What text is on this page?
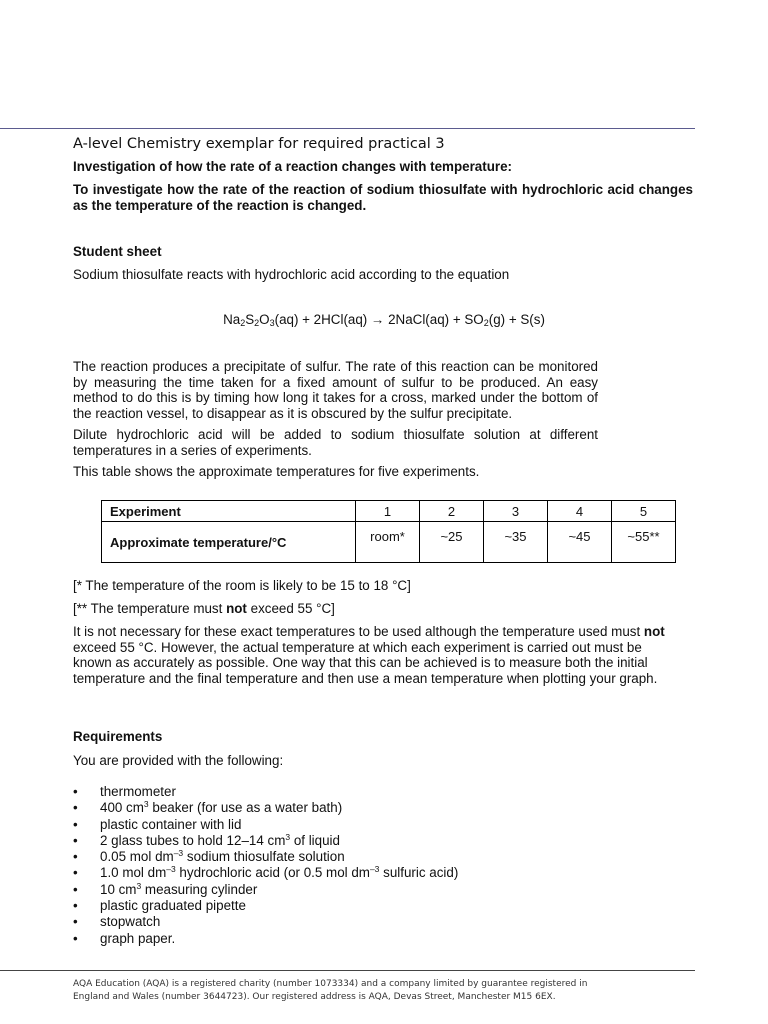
A-level Chemistry exemplar for required practical 3
Investigation of how the rate of a reaction changes with temperature:
To investigate how the rate of the reaction of sodium thiosulfate with hydrochloric acid changes as the temperature of the reaction is changed.
Student sheet
Sodium thiosulfate reacts with hydrochloric acid according to the equation
$Na_2S_2O_3(aq) + 2HCl(aq)$ → 2NaCl(aq) + $SO_2(g) + S(s)$
The reaction produces a precipitate of sulfur. The rate of this reaction can be monitored by measuring the time taken for a fixed amount of sulfur to be produced. An easy method to do this is by timing how long it takes for a cross, marked under the bottom of the reaction vessel, to disappear as it is obscured by the sulfur precipitate.
Dilute hydrochloric acid will be added to sodium thiosulfate solution at different temperatures in a series of experiments.
This table shows the approximate temperatures for five experiments.
Experiment	1	2	3	4	5
Approximate temperature/°C	room*	~25	~35	~45	~55**
[* The temperature of the room is likely to be 15 to 18 °C]
[** The temperature must not exceed 55 °C]
It is not necessary for these exact temperatures to be used although the temperature used must not exceed 55 °C. However, the actual temperature at which each experiment is carried out must be known as accurately as possible. One way that this can be achieved is to measure both the initial temperature and the final temperature and then use a mean temperature when plotting your graph.
Requirements
You are provided with the following:
• thermometer
• 400 $cm^3$ beaker (for use as a water bath)
• plastic container with lid
• 2 glass tubes to hold 12–14 $cm^3$ of liquid
• 0.05 mol $dm^{-3}$ sodium thiosulfate solution
• 1.0 mol $dm^{-3}$ hydrochloric acid (or 0.5 mol $dm^{-3}$ sulfuric acid)
• 10 $cm^3$ measuring cylinder
• plastic graduated pipette
• stopwatch
• graph paper.
AQA Education (AQA) is a registered charity (number 1073334) and a company limited by guarantee registered in
England and Wales (number 3644723). Our registered address is AQA, Devas Street, Manchester M15 6EX.
